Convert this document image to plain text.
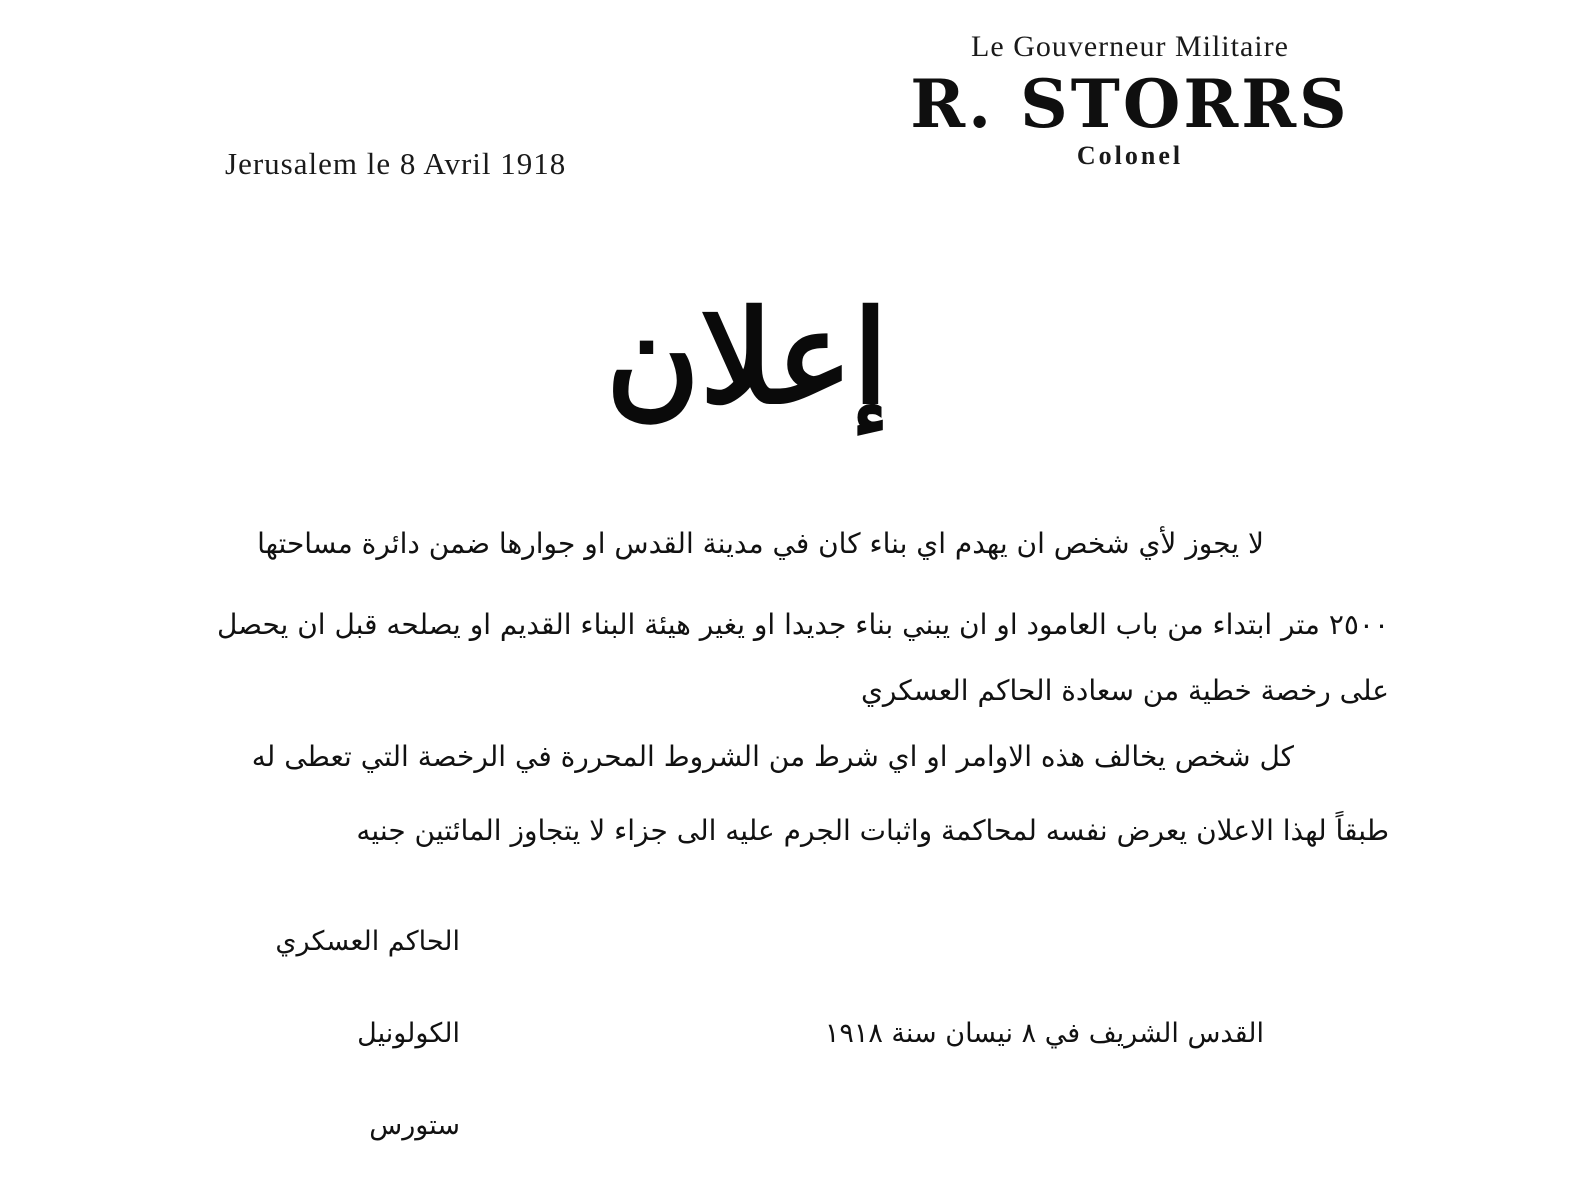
Le Gouverneur Militaire
R. STORRS
Colonel
Jerusalem le 8 Avril 1918
إعلان
لا يجوز لأي شخص ان يهدم اي بناء كان في مدينة القدس او جوارها ضمن دائرة مساحتها
٢٥٠٠ متر ابتداء من باب العامود او ان يبني بناء جديدا او يغير هيئة البناء القديم او يصلحه قبل ان يحصل
على رخصة خطية من سعادة الحاكم العسكري
كل شخص يخالف هذه الاوامر او اي شرط من الشروط المحررة في الرخصة التي تعطى له
طبقاً لهذا الاعلان يعرض نفسه لمحاكمة واثبات الجرم عليه الى جزاء لا يتجاوز المائتين جنيه
الحاكم العسكري
الكولونيل
ستورس
القدس الشريف في ٨ نيسان سنة ١٩١٨
